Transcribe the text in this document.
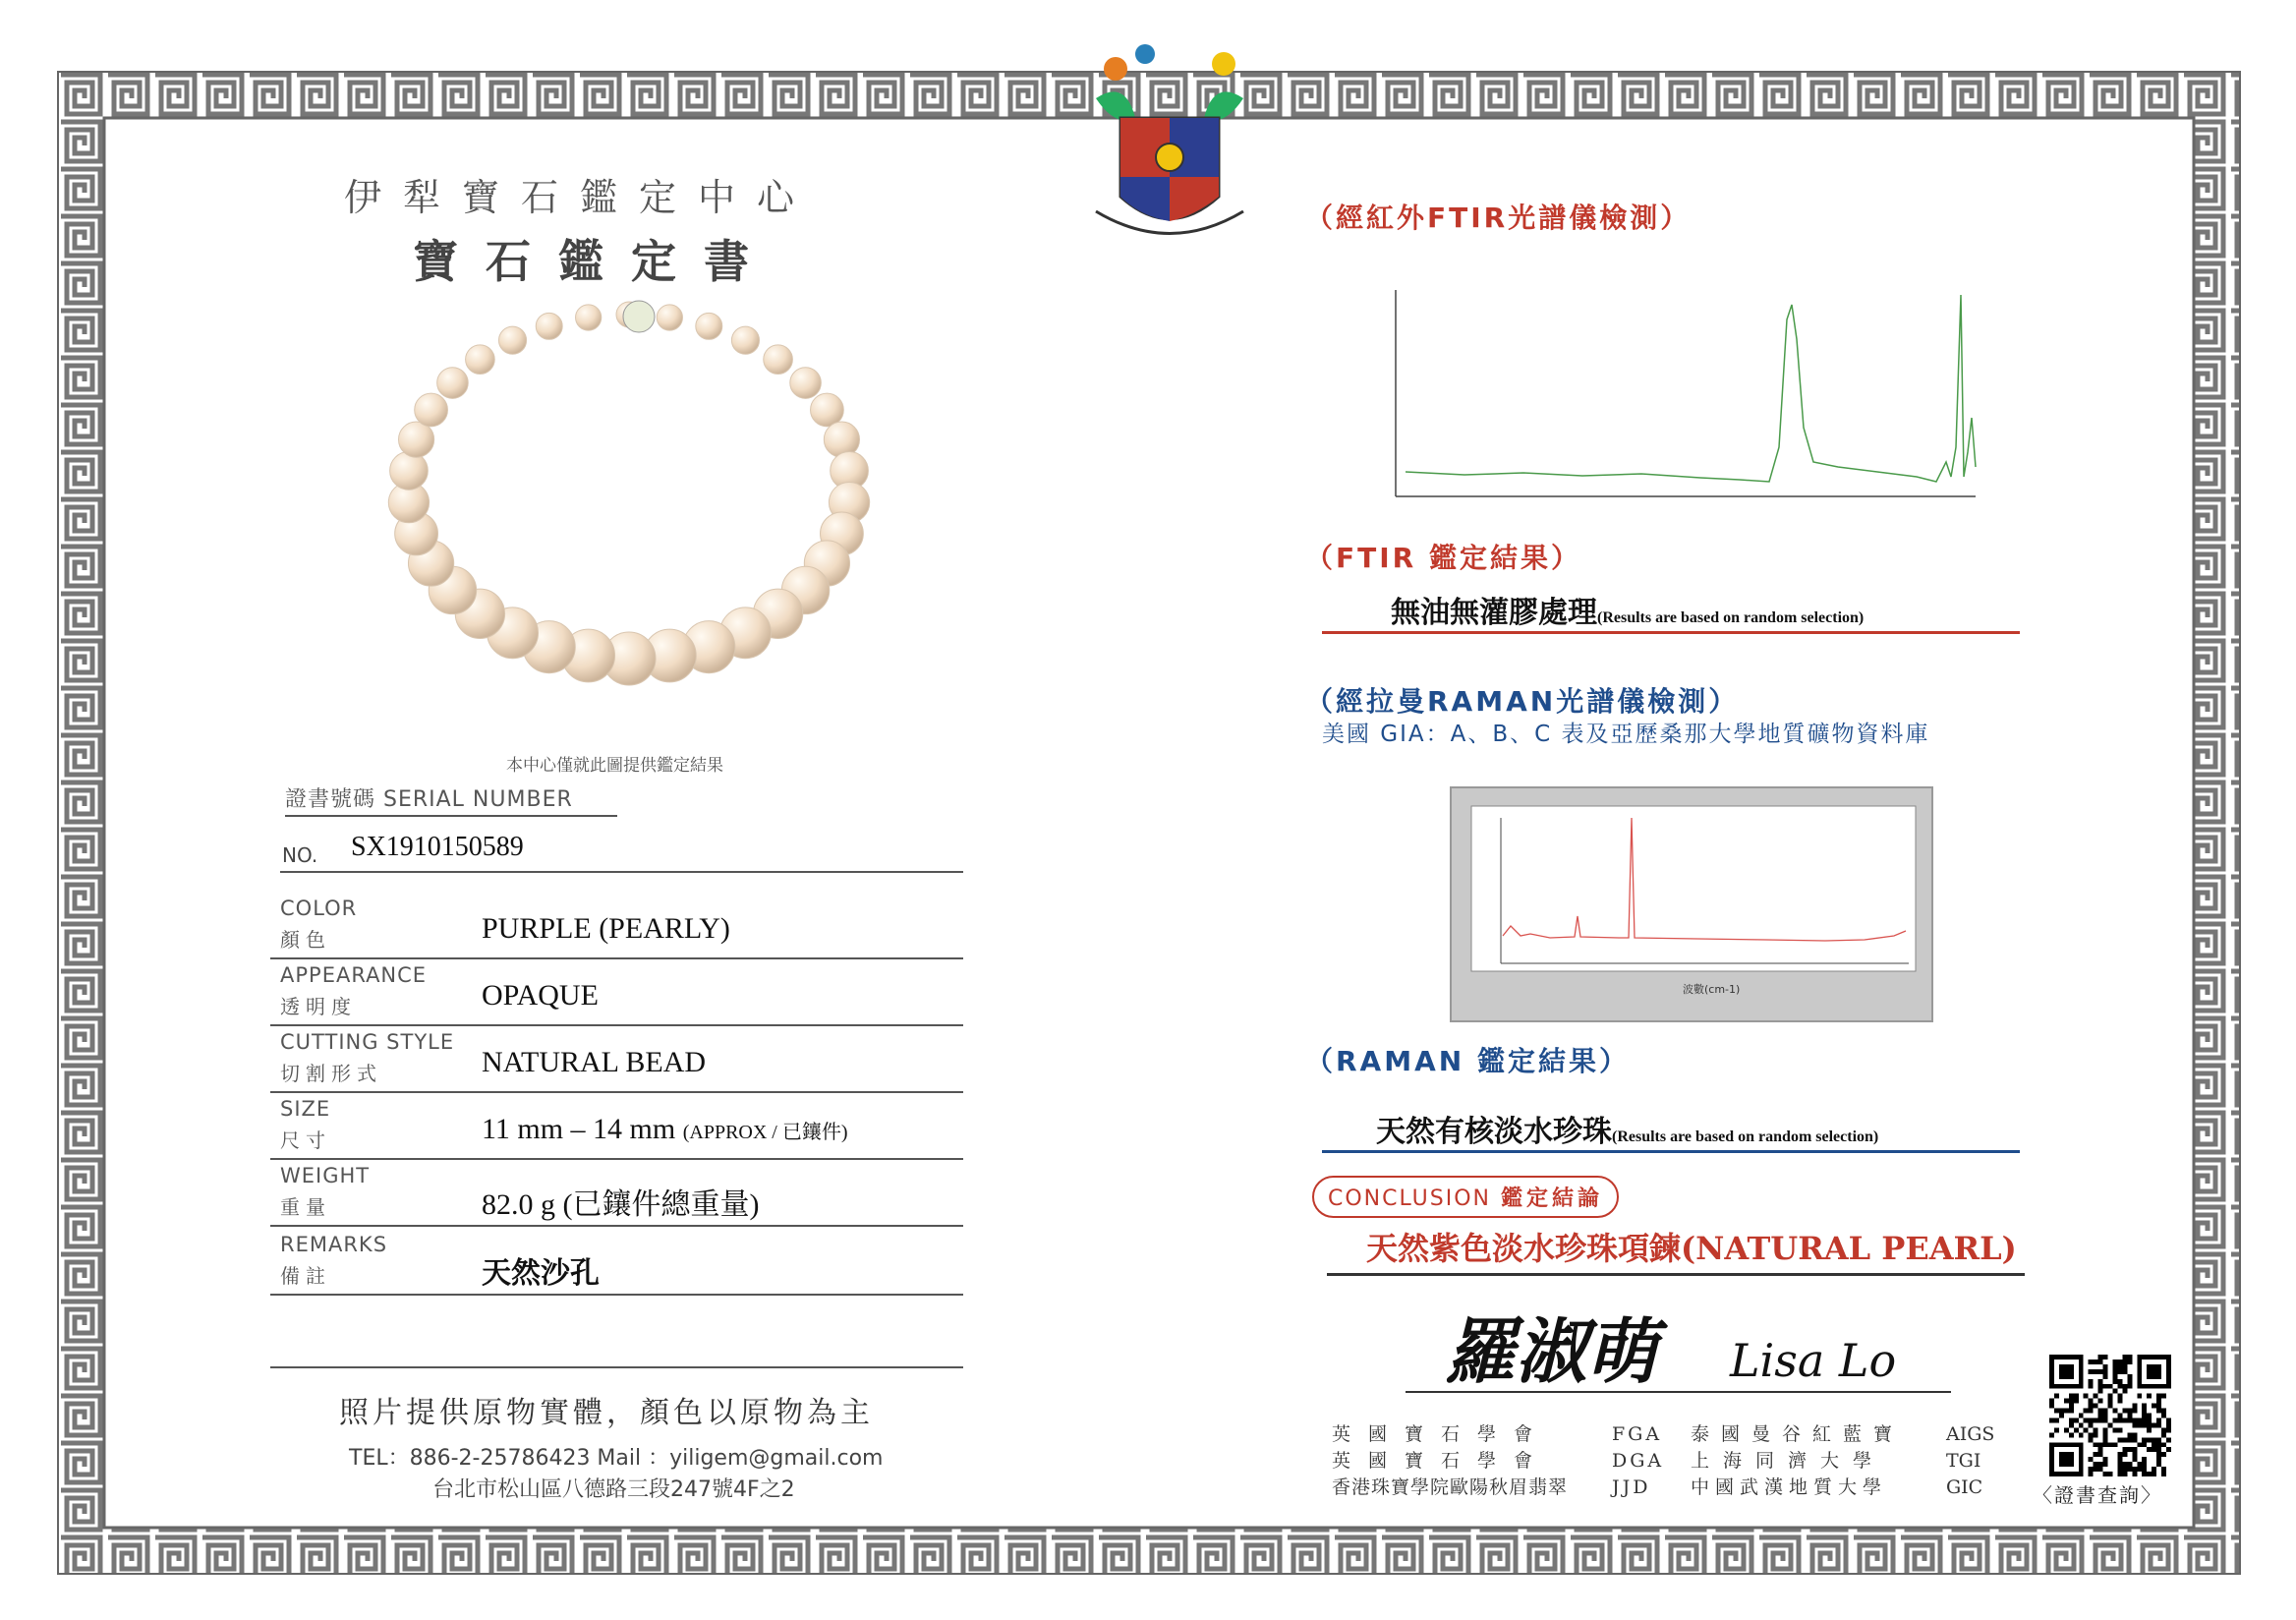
伊犁寶石鑑定中心
寶石鑑定書
本中心僅就此圖提供鑑定結果
證書號碼 SERIAL NUMBER
NO. SX1910150589
COLOR
顏色	PURPLE (PEARLY)
APPEARANCE
透明度	OPAQUE
CUTTING STYLE
切割形式	NATURAL BEAD
SIZE
尺寸	11 mm – 14 mm (APPROX / 已鑲件)
WEIGHT
重量	82.0 g (已鑲件總重量)
REMARKS
備註	天然沙孔
照片提供原物實體，顏色以原物為主
TEL：886-2-25786423 Mail ：yiligem@gmail.com
台北市松山區八德路三段247號4F之2
（經紅外FTIR光譜儀檢測）
（FTIR 鑑定結果）
無油無灌膠處理(Results are based on random selection)
（經拉曼RAMAN光譜儀檢測）
美國 GIA：A、B、C 表及亞歷桑那大學地質礦物資料庫
波數(cm-1)
（RAMAN 鑑定結果）
天然有核淡水珍珠(Results are based on random selection)
CONCLUSION 鑑定結論
天然紫色淡水珍珠項鍊(NATURAL PEARL)
羅淑萌 Lisa Lo
英國寶石學會	FGA	泰國曼谷紅藍寶	AIGS
英國寶石學會	DGA	上海同濟大學	TGI
香港珠寶學院歐陽秋眉翡翠	JJD	中國武漢地質大學	GIC	〈證書查詢〉
